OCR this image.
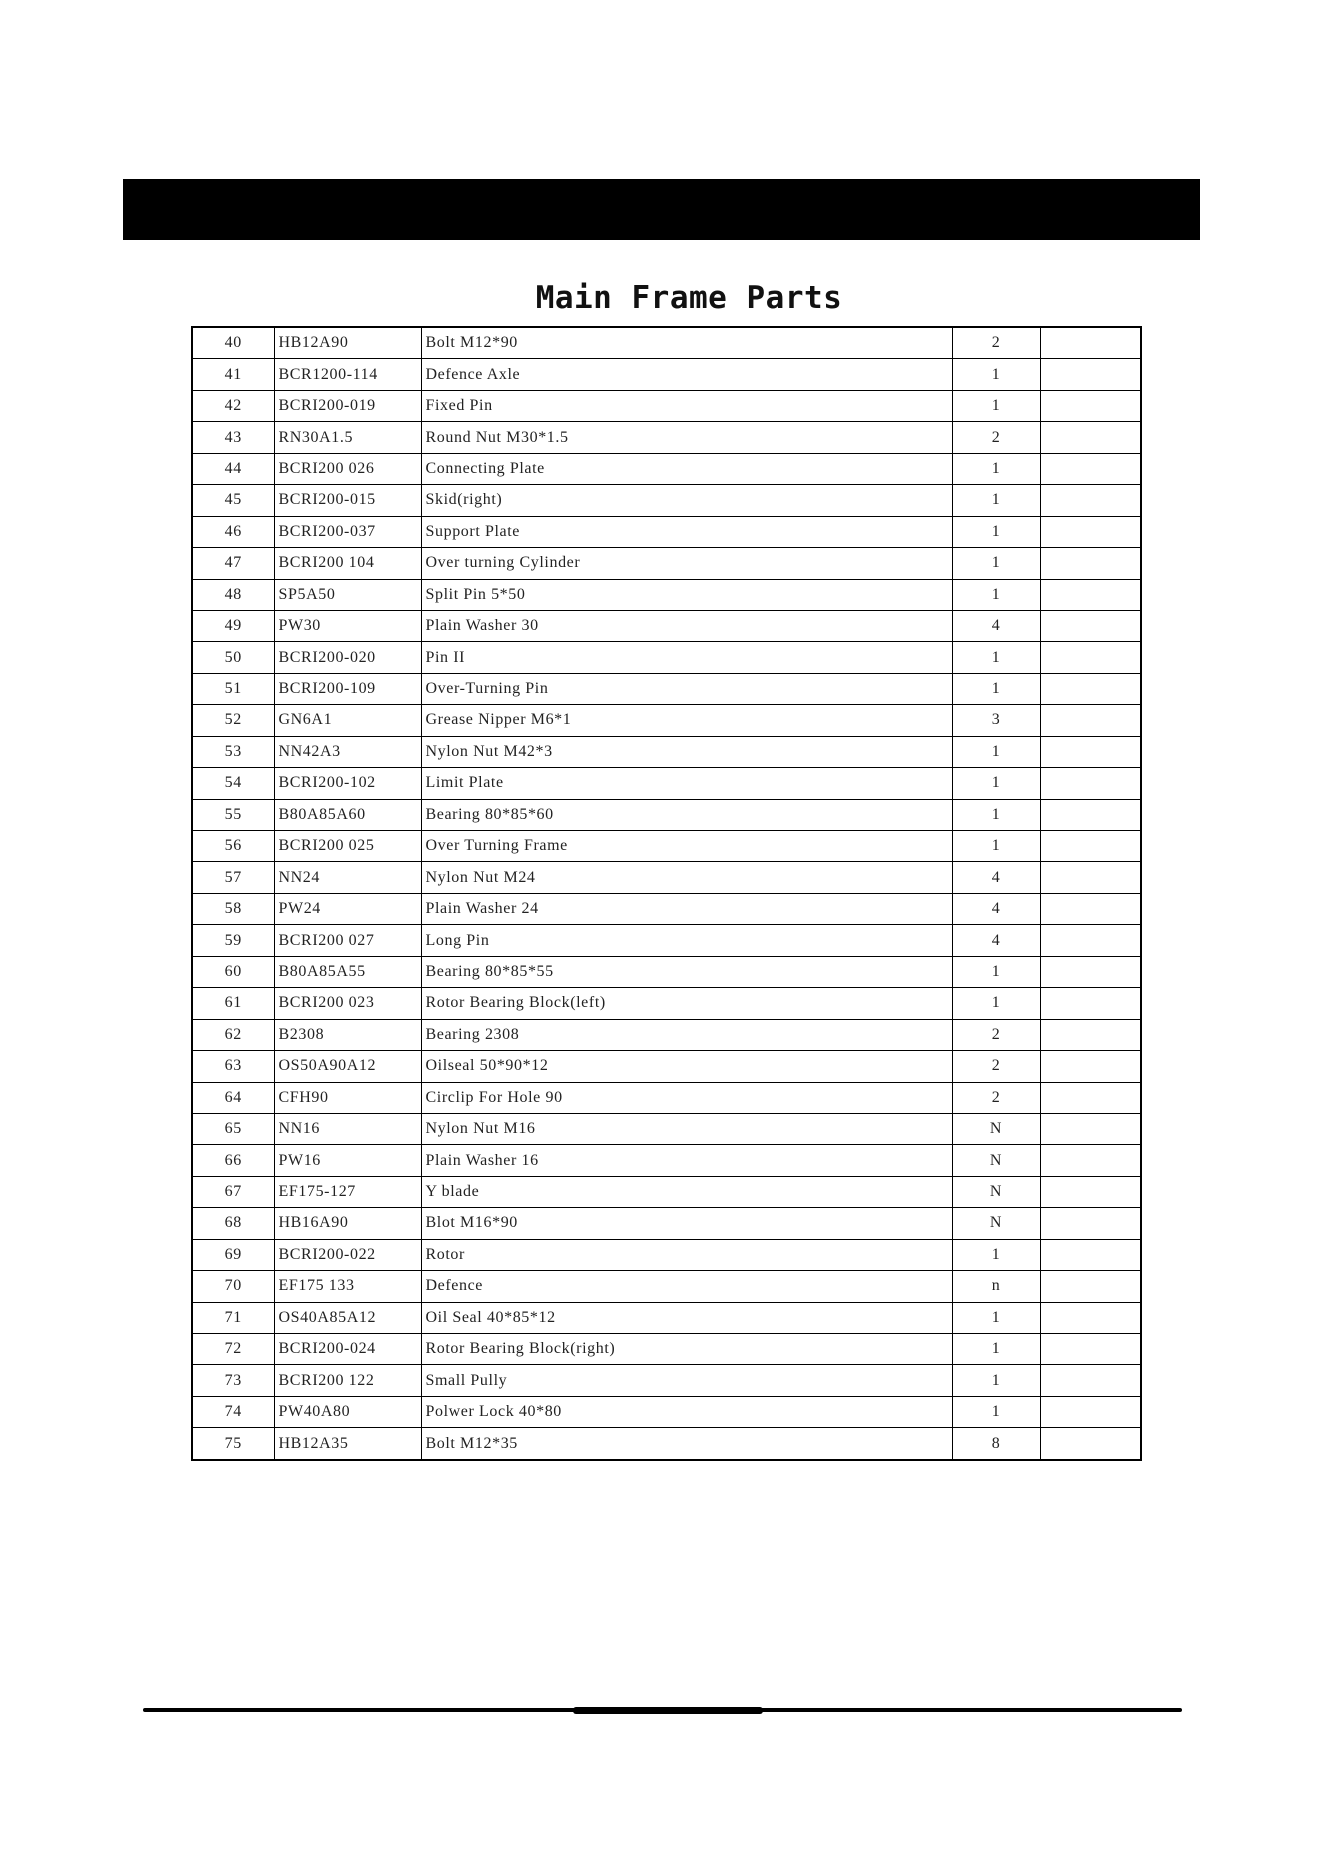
Main Frame Parts
40	HB12A90	Bolt M12*90	2	
41	BCR1200-114	Defence Axle	1	
42	BCRI200-019	Fixed Pin	1	
43	RN30A1.5	Round Nut M30*1.5	2	
44	BCRI200 026	Connecting Plate	1	
45	BCRI200-015	Skid(right)	1	
46	BCRI200-037	Support Plate	1	
47	BCRI200 104	Over turning Cylinder	1	
48	SP5A50	Split Pin 5*50	1	
49	PW30	Plain Washer 30	4	
50	BCRI200-020	Pin II	1	
51	BCRI200-109	Over-Turning Pin	1	
52	GN6A1	Grease Nipper M6*1	3	
53	NN42A3	Nylon Nut M42*3	1	
54	BCRI200-102	Limit Plate	1	
55	B80A85A60	Bearing 80*85*60	1	
56	BCRI200 025	Over Turning Frame	1	
57	NN24	Nylon Nut M24	4	
58	PW24	Plain Washer 24	4	
59	BCRI200 027	Long Pin	4	
60	B80A85A55	Bearing 80*85*55	1	
61	BCRI200 023	Rotor Bearing Block(left)	1	
62	B2308	Bearing 2308	2	
63	OS50A90A12	Oilseal 50*90*12	2	
64	CFH90	Circlip For Hole 90	2	
65	NN16	Nylon Nut M16	N	
66	PW16	Plain Washer 16	N	
67	EF175-127	Y blade	N	
68	HB16A90	Blot M16*90	N	
69	BCRI200-022	Rotor	1	
70	EF175 133	Defence	n	
71	OS40A85A12	Oil Seal 40*85*12	1	
72	BCRI200-024	Rotor Bearing Block(right)	1	
73	BCRI200 122	Small Pully	1	
74	PW40A80	Polwer Lock 40*80	1	
75	HB12A35	Bolt M12*35	8	
